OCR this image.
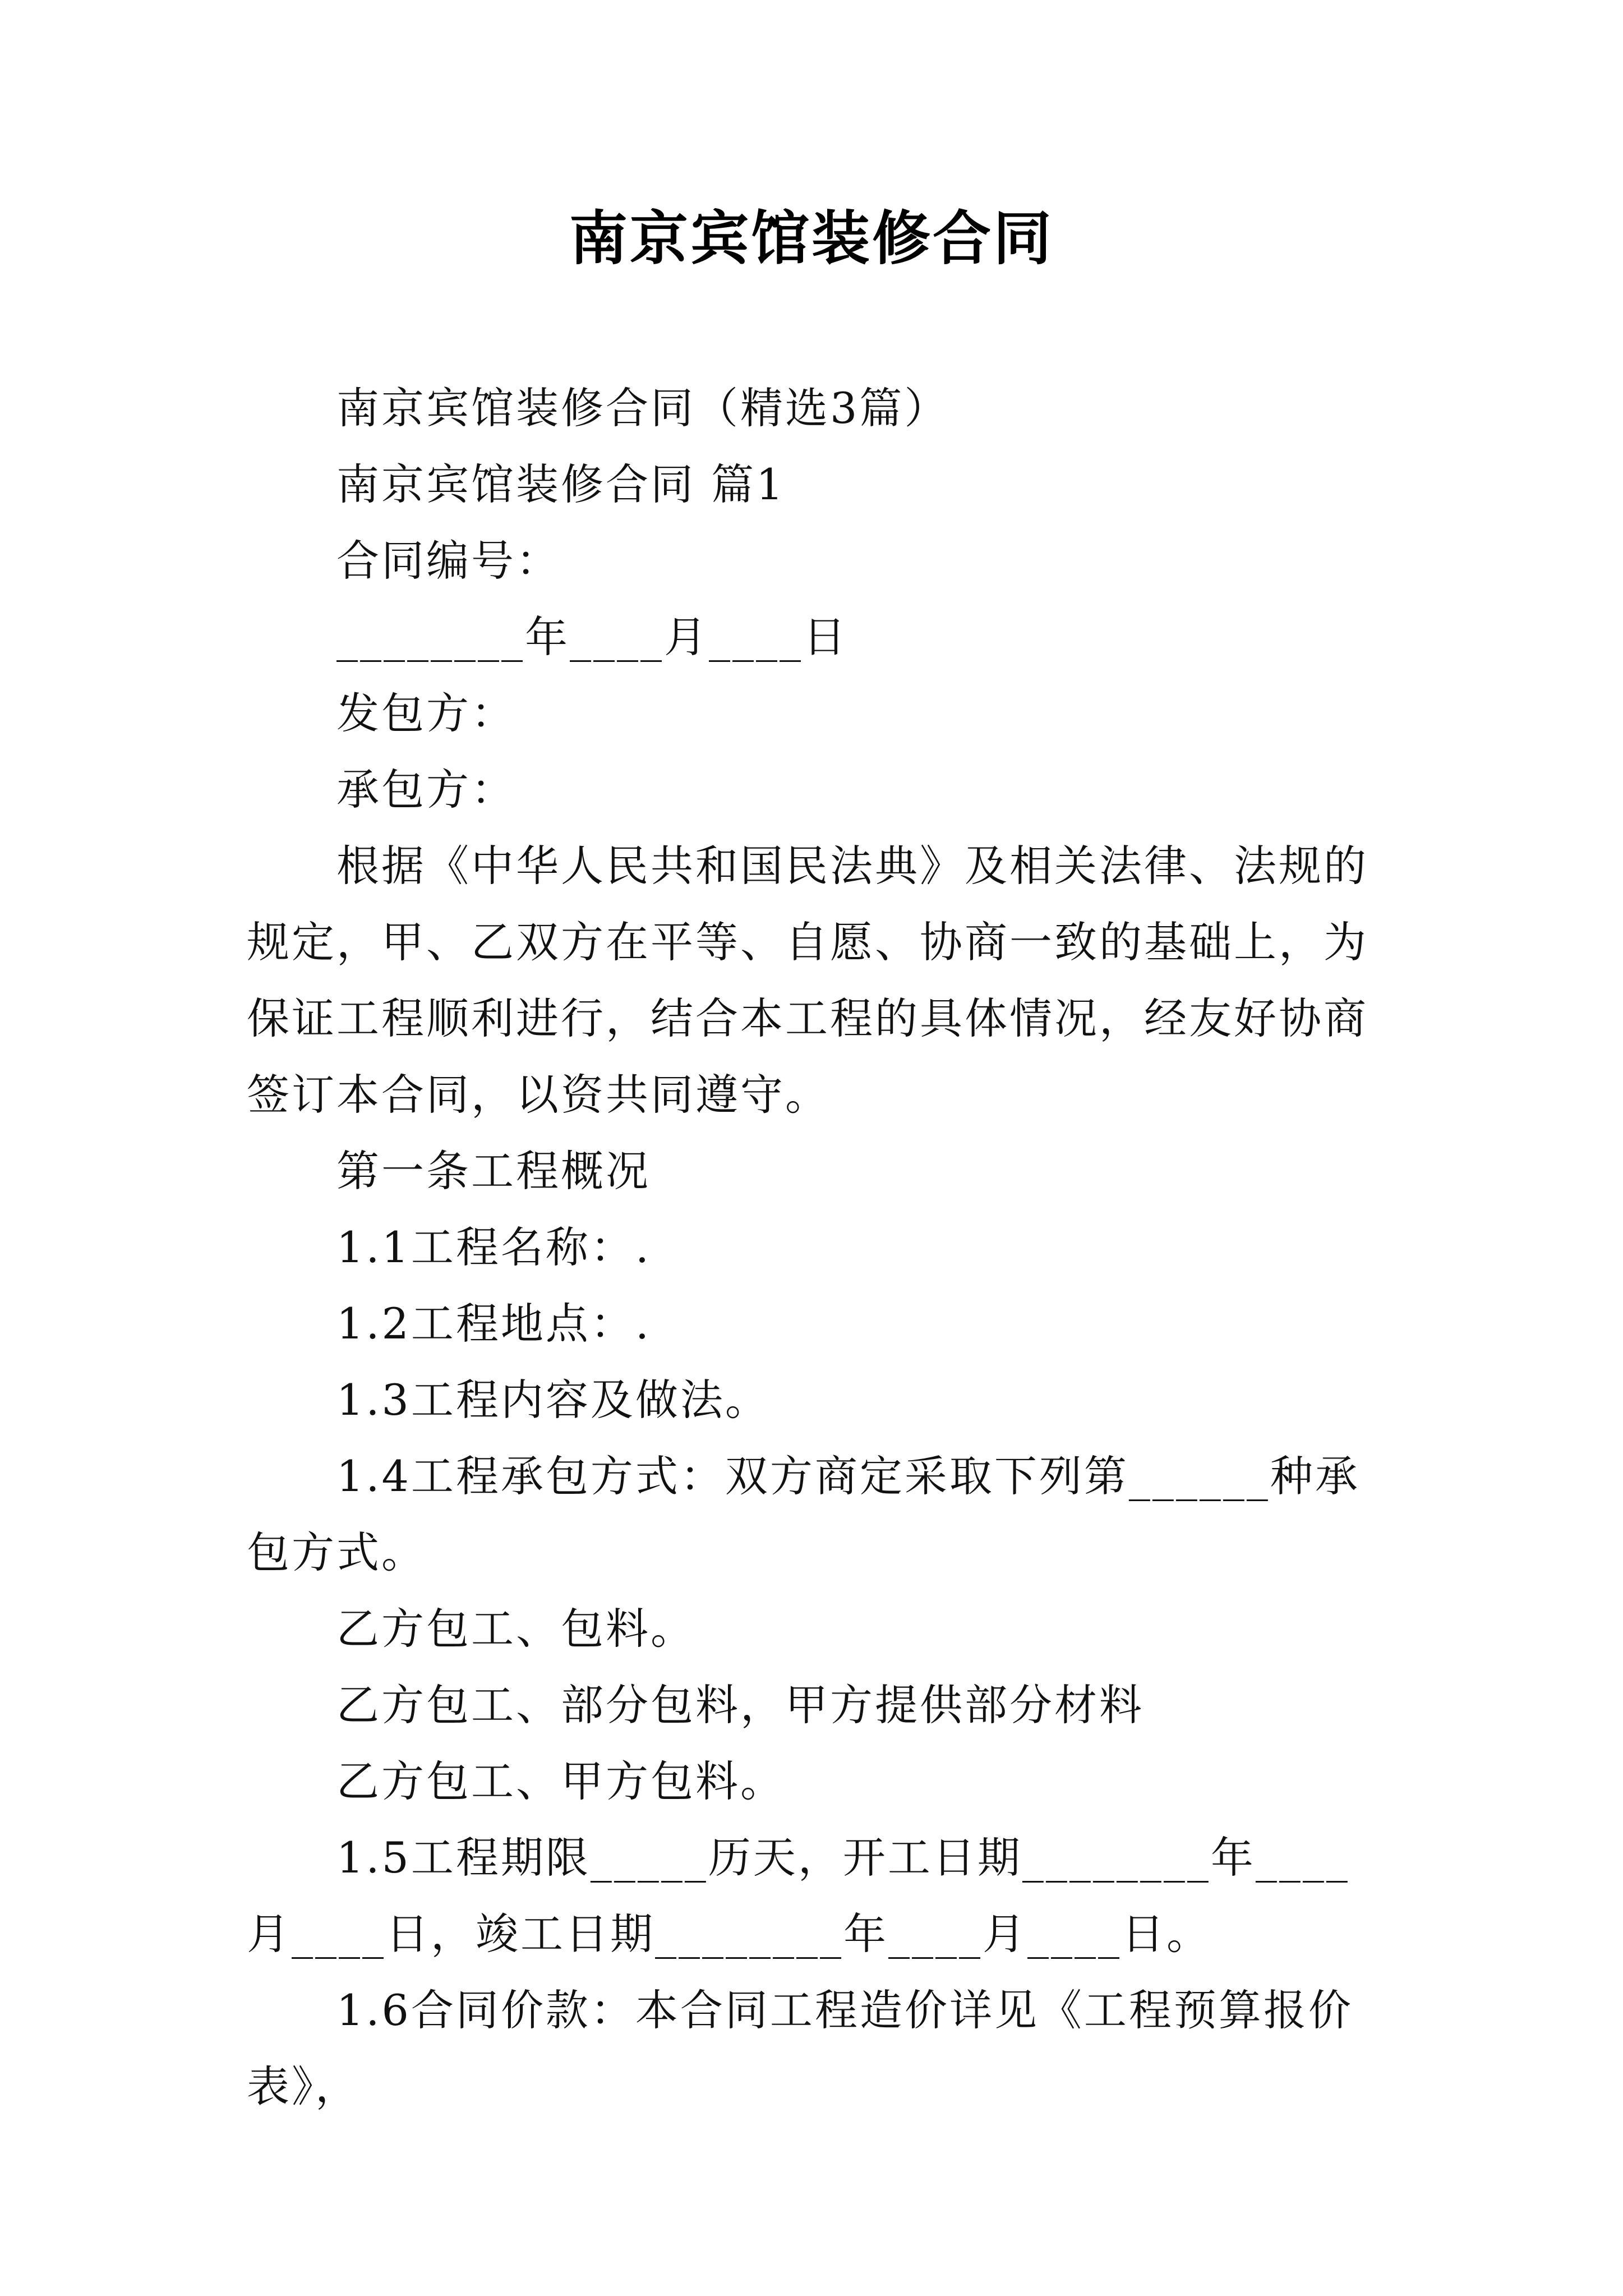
南京宾馆装修合同

南京宾馆装修合同（精选3篇）

南京宾馆装修合同 篇1

合同编号：

________年____月____日

发包方：

承包方：

根据《中华人民共和国民法典》及相关法律、法规的规定，甲、乙双方在平等、自愿、协商一致的基础上，为保证工程顺利进行，结合本工程的具体情况，经友好协商签订本合同，以资共同遵守。

第一条工程概况

1.1工程名称：.

1.2工程地点：.

1.3工程内容及做法。

1.4工程承包方式：双方商定采取下列第______种承包方式。

乙方包工、包料。

乙方包工、部分包料，甲方提供部分材料

乙方包工、甲方包料。

1.5工程期限_____历天，开工日期________年____月____日，竣工日期________年____月____日。

1.6合同价款：本合同工程造价详见《工程预算报价表》，
